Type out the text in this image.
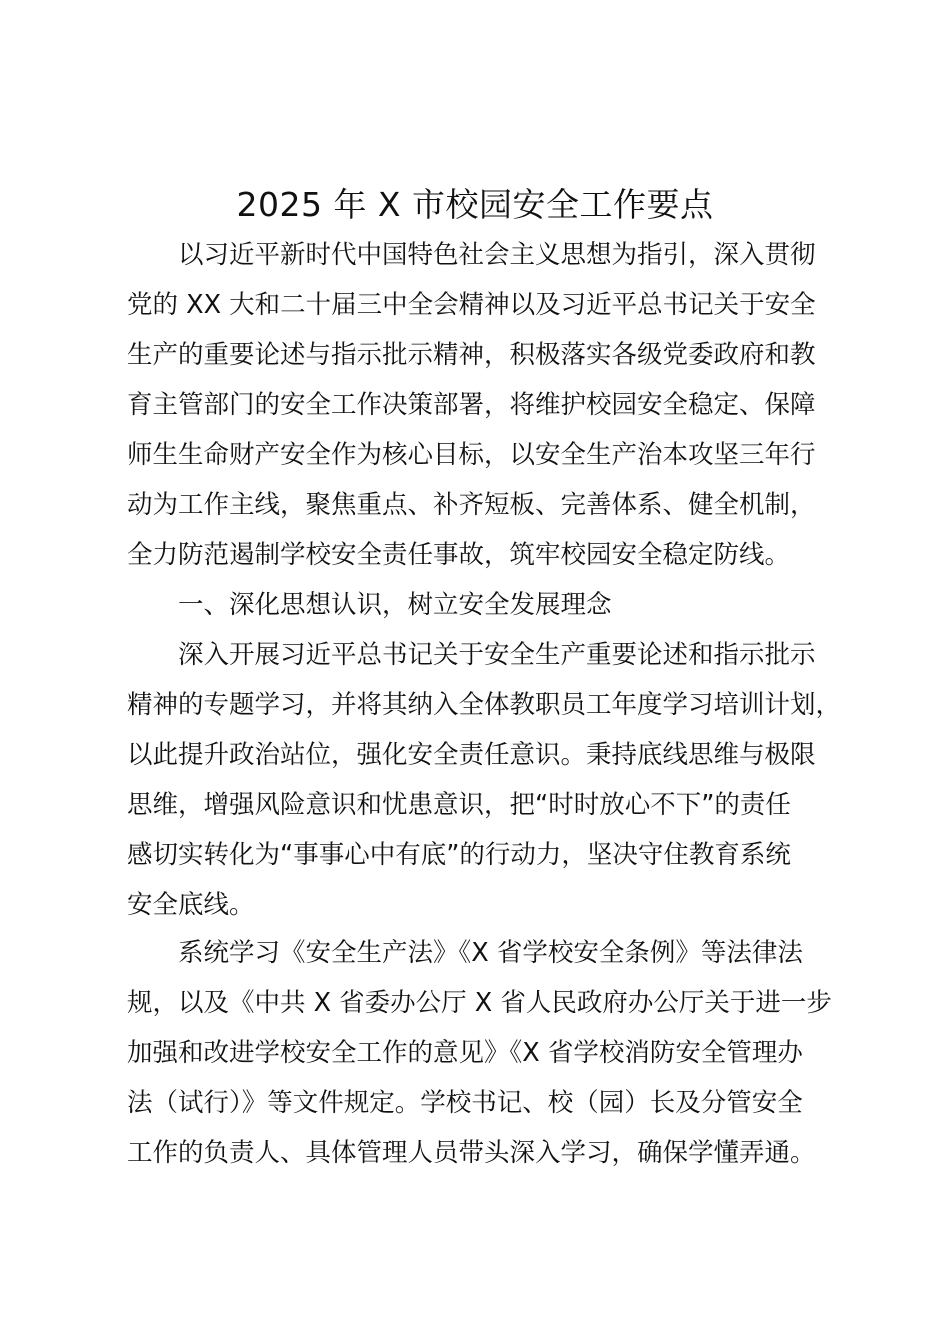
2025 年 X 市校园安全工作要点
以习近平新时代中国特色社会主义思想为指引，深入贯彻
党的 XX 大和二十届三中全会精神以及习近平总书记关于安全
生产的重要论述与指示批示精神，积极落实各级党委政府和教
育主管部门的安全工作决策部署，将维护校园安全稳定、保障
师生生命财产安全作为核心目标，以安全生产治本攻坚三年行
动为工作主线，聚焦重点、补齐短板、完善体系、健全机制，
全力防范遏制学校安全责任事故，筑牢校园安全稳定防线。
一、深化思想认识，树立安全发展理念
深入开展习近平总书记关于安全生产重要论述和指示批示
精神的专题学习，并将其纳入全体教职员工年度学习培训计划，
以此提升政治站位，强化安全责任意识。秉持底线思维与极限
思维，增强风险意识和忧患意识，把“时时放心不下”的责任
感切实转化为“事事心中有底”的行动力，坚决守住教育系统
安全底线。
系统学习《安全生产法》《X 省学校安全条例》等法律法
规，以及《中共 X 省委办公厅 X 省人民政府办公厅关于进一步
加强和改进学校安全工作的意见》《X 省学校消防安全管理办
法（试行）》等文件规定。学校书记、校（园）长及分管安全
工作的负责人、具体管理人员带头深入学习，确保学懂弄通。
